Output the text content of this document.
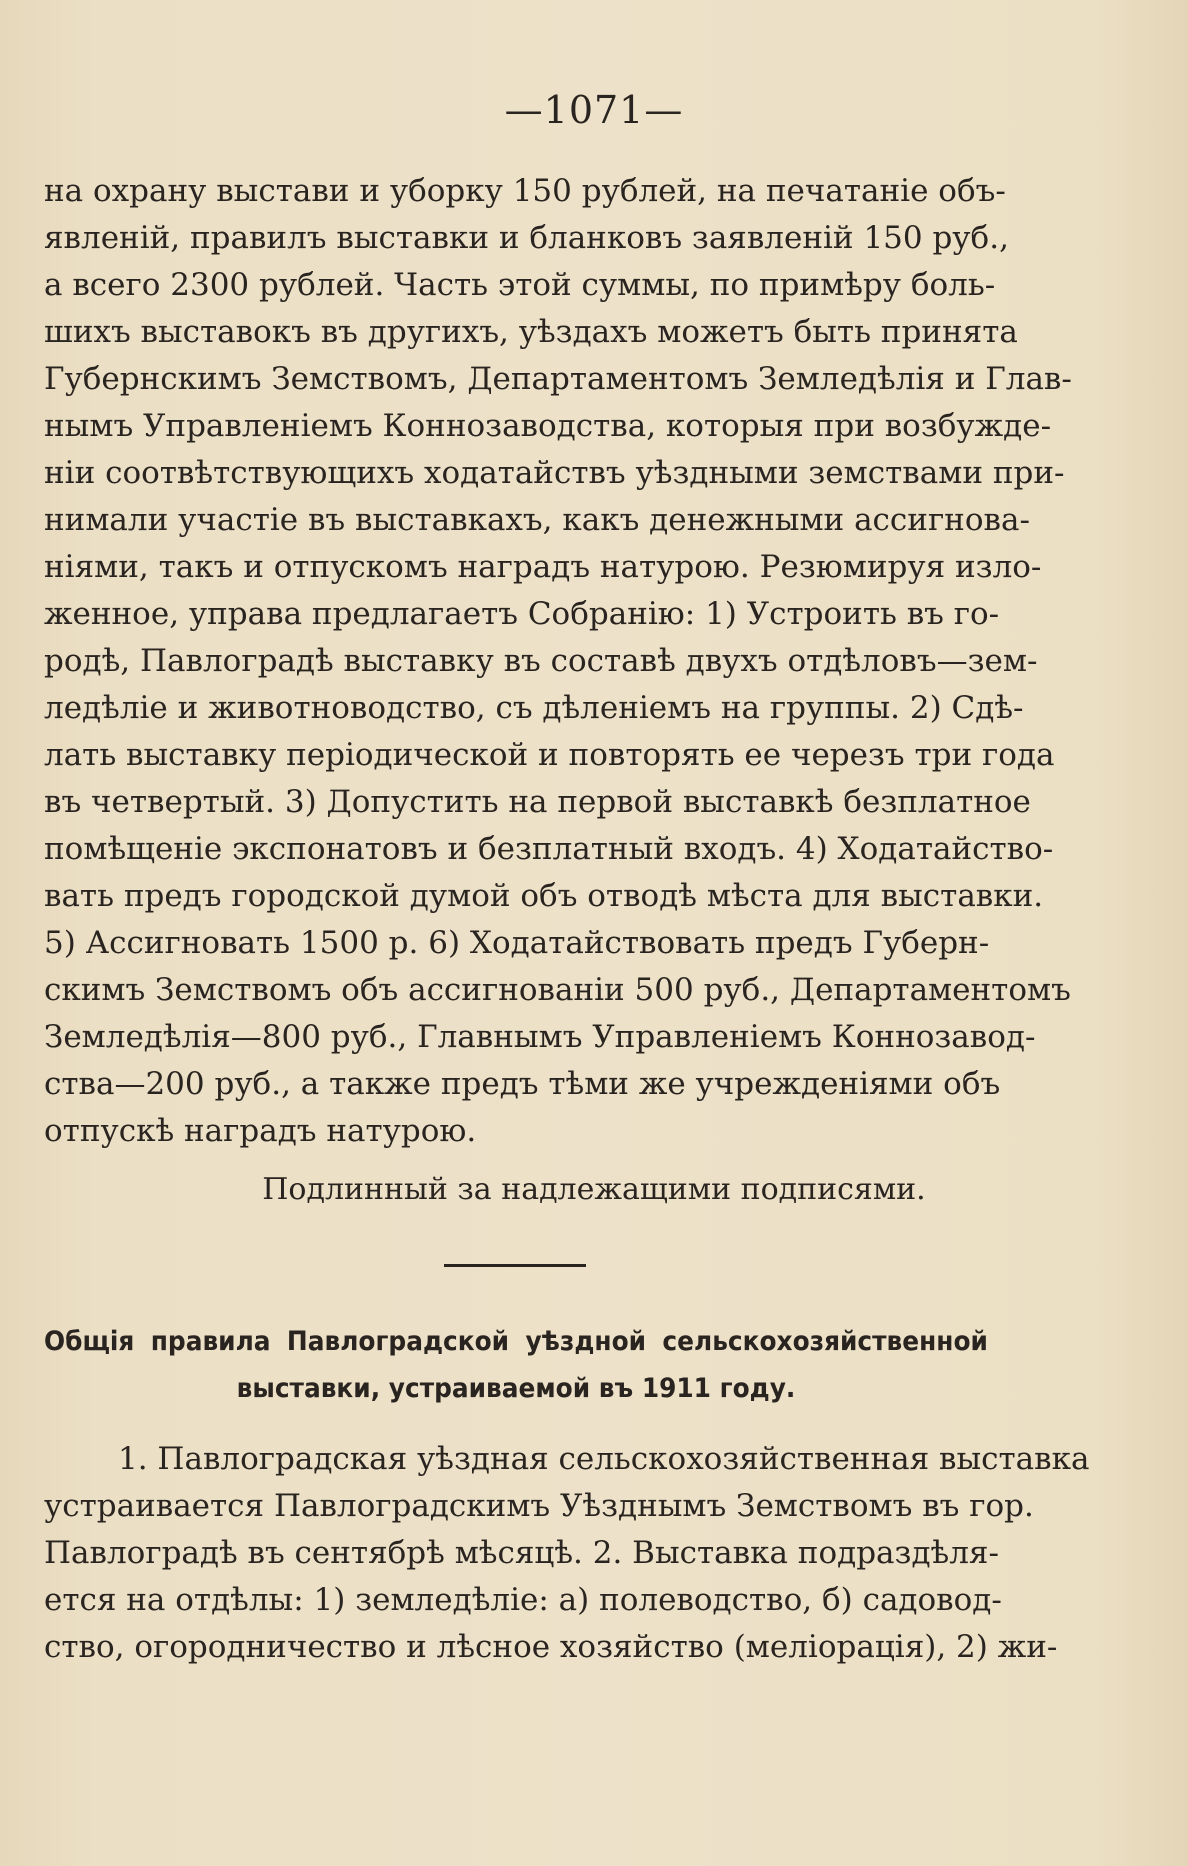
—1071—
на охрану выстави и уборку 150 рублей, на печатаніе объ-
явленій, правилъ выставки и бланковъ заявленій 150 руб.,
а всего 2300 рублей. Часть этой суммы, по примѣру боль-
шихъ выставокъ въ другихъ, уѣздахъ можетъ быть принята
Губернскимъ Земствомъ, Департаментомъ Земледѣлія и Глав-
нымъ Управленіемъ Коннозаводства, которыя при возбужде-
ніи соотвѣтствующихъ ходатайствъ уѣздными земствами при-
нимали участіе въ выставкахъ, какъ денежными ассигнова-
ніями, такъ и отпускомъ наградъ натурою. Резюмируя изло-
женное, управа предлагаетъ Собранію: 1) Устроить въ го-
родѣ, Павлоградѣ выставку въ составѣ двухъ отдѣловъ—зем-
ледѣліе и животноводство, съ дѣленіемъ на группы. 2) Сдѣ-
лать выставку періодической и повторять ее черезъ три года
въ четвертый. 3) Допустить на первой выставкѣ безплатное
помѣщеніе экспонатовъ и безплатный входъ. 4) Ходатайство-
вать предъ городской думой объ отводѣ мѣста для выставки.
5) Ассигновать 1500 р. 6) Ходатайствовать предъ Губерн-
скимъ Земствомъ объ ассигнованіи 500 руб., Департаментомъ
Земледѣлія—800 руб., Главнымъ Управленіемъ Коннозавод-
ства—200 руб., а также предъ тѣми же учрежденіями объ
отпускѣ наградъ натурою.
Подлинный за надлежащими подписями.
Общія правила Павлоградской уѣздной сельскохозяйственной
выставки, устраиваемой въ 1911 году.
1. Павлоградская уѣздная сельскохозяйственная выставка
устраивается Павлоградскимъ Уѣзднымъ Земствомъ въ гор.
Павлоградѣ въ сентябрѣ мѣсяцѣ. 2. Выставка подраздѣля-
ется на отдѣлы: 1) земледѣліе: а) полеводство, б) садовод-
ство, огородничество и лѣсное хозяйство (меліорація), 2) жи-
